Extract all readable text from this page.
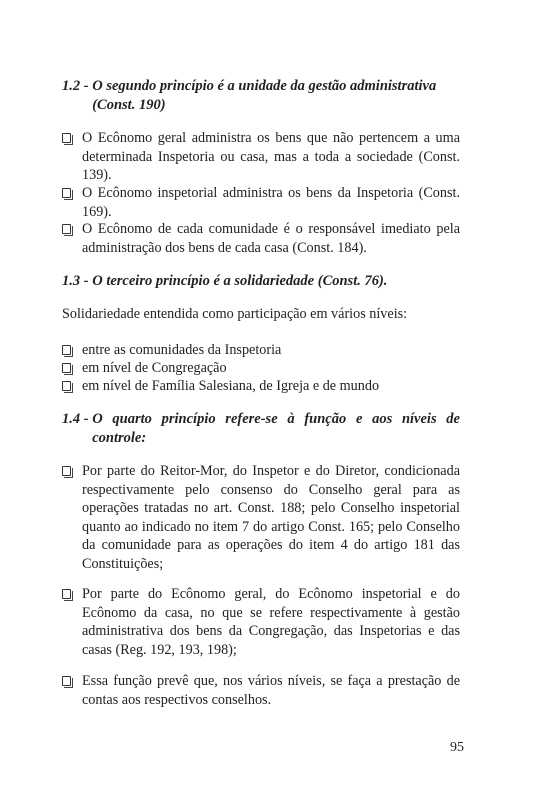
1.2 - O segundo princípio é a unidade da gestão administrativa (Const. 190)
O Ecônomo geral administra os bens que não pertencem a uma determinada Inspetoria ou casa, mas a toda a sociedade (Const. 139).
O Ecônomo inspetorial administra os bens da Inspetoria (Const. 169).
O Ecônomo de cada comunidade é o responsável imediato pela administração dos bens de cada casa (Const. 184).
1.3 - O terceiro princípio é a solidariedade (Const. 76).
Solidariedade entendida como participação em vários níveis:
entre as comunidades da Inspetoria
em nível de Congregação
em nível de Família Salesiana, de Igreja e de mundo
1.4 - O quarto princípio refere-se à função e aos níveis de controle:
Por parte do Reitor-Mor, do Inspetor e do Diretor, condicionada respectivamente pelo consenso do Conselho geral para as operações tratadas no art. Const. 188; pelo Conselho inspetorial quanto ao indicado no item 7 do artigo Const. 165; pelo Conselho da comunidade para as operações do item 4 do artigo 181 das Constituições;
Por parte do Ecônomo geral, do Ecônomo inspetorial e do Ecônomo da casa, no que se refere respectivamente à gestão administrativa dos bens da Congregação, das Inspetorias e das casas (Reg. 192, 193, 198);
Essa função prevê que, nos vários níveis, se faça a prestação de contas aos respectivos conselhos.
95
